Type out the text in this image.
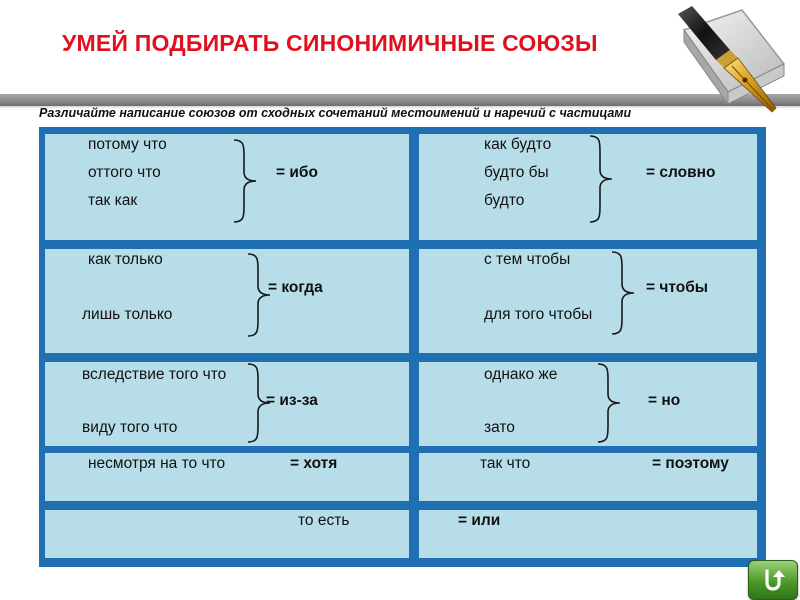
УМЕЙ ПОДБИРАТЬ СИНОНИМИЧНЫЕ СОЮЗЫ
Различайте написание союзов от сходных сочетаний местоимений и наречий с частицами
потому что
оттого что
так как
= ибо
как будто
будто бы
будто
= словно
как только
лишь только
= когда
с тем чтобы
для того чтобы
= чтобы
вследствие того что
виду того что
= из-за
однако же
зато
= но
несмотря на то что	= хотя	так что	= поэтому
то есть	= или
